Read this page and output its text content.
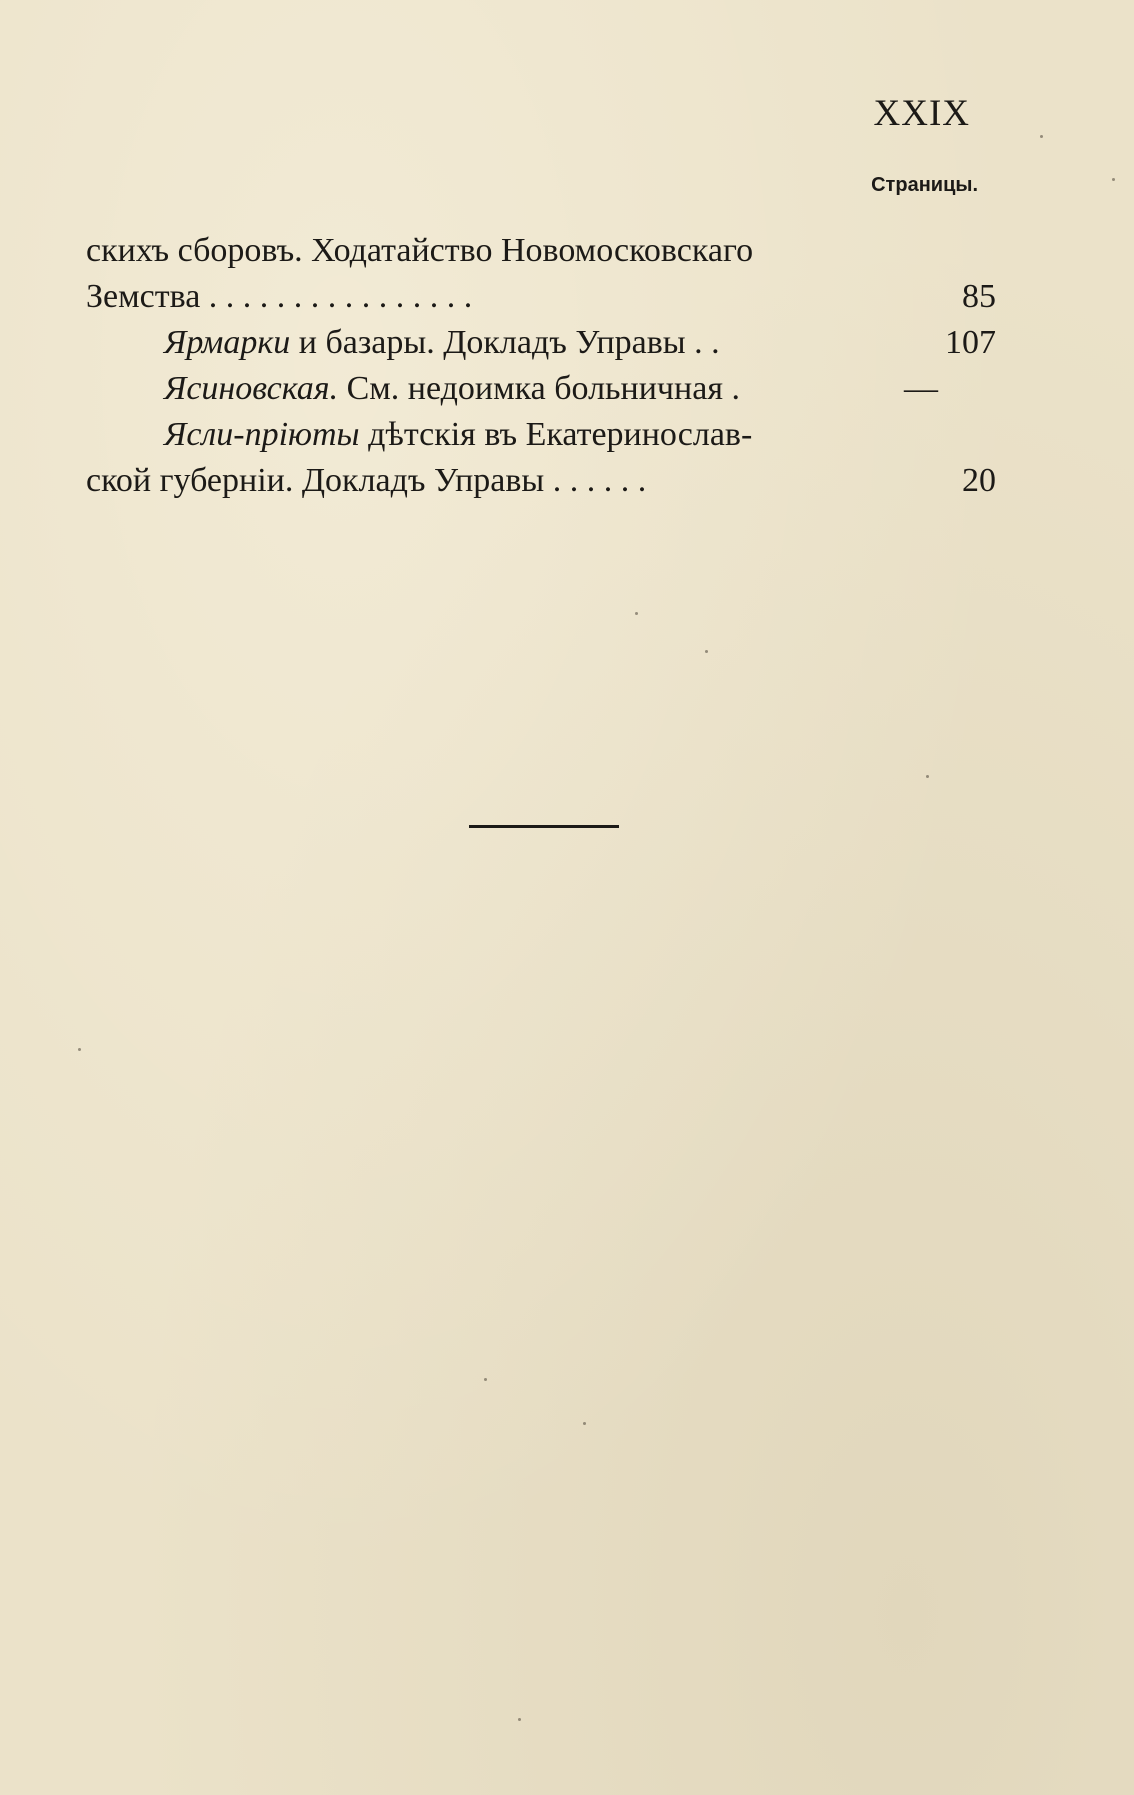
XXIX
Страницы.
скихъ сборовъ. Ходатайство Новомосковскаго
Земства . . . . . . . . . . . . . . . .	85
Ярмарки и базары. Докладъ Управы . .	107
Ясиновская. См. недоимка больничная .	—
Ясли-пріюты дѣтскія въ Екатеринослав-
ской губерніи. Докладъ Управы . . . . . .	20
